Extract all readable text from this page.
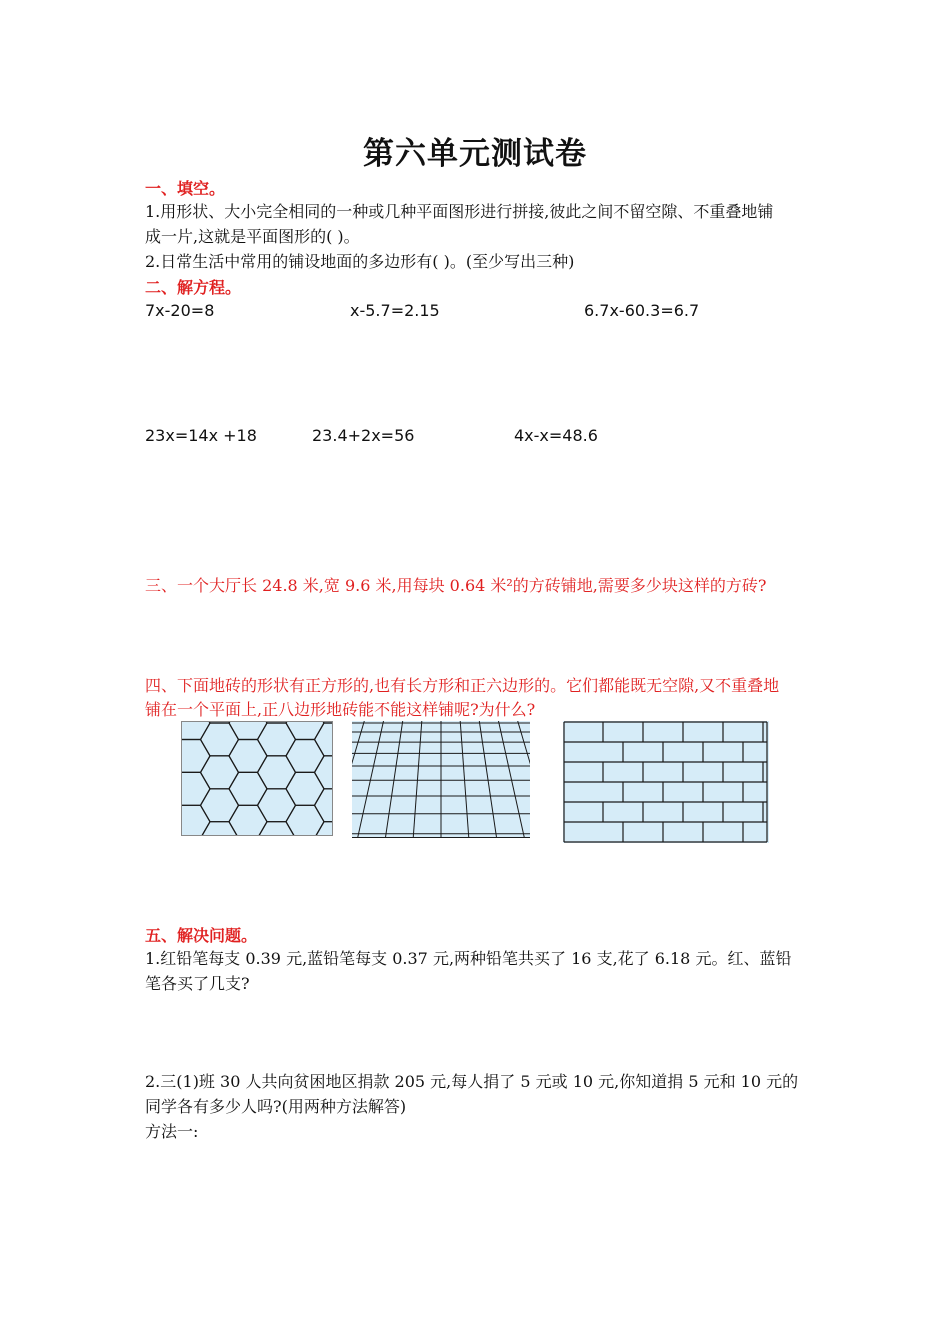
第六单元测试卷
一、填空。
1.用形状、大小完全相同的一种或几种平面图形进行拼接,彼此之间不留空隙、不重叠地铺
成一片,这就是平面图形的( )。
2.日常生活中常用的铺设地面的多边形有( )。(至少写出三种)
二、解方程。
7x-20=8	x-5.7=2.15	6.7x-60.3=6.7
23x=14x +18	23.4+2x=56	4x-x=48.6
三、一个大厅长 24.8 米,宽 9.6 米,用每块 0.64 米²的方砖铺地,需要多少块这样的方砖?
四、下面地砖的形状有正方形的,也有长方形和正六边形的。它们都能既无空隙,又不重叠地
铺在一个平面上,正八边形地砖能不能这样铺呢?为什么?
五、解决问题。
1.红铅笔每支 0.39 元,蓝铅笔每支 0.37 元,两种铅笔共买了 16 支,花了 6.18 元。红、蓝铅
笔各买了几支?
2.三(1)班 30 人共向贫困地区捐款 205 元,每人捐了 5 元或 10 元,你知道捐 5 元和 10 元的
同学各有多少人吗?(用两种方法解答)
方法一:
